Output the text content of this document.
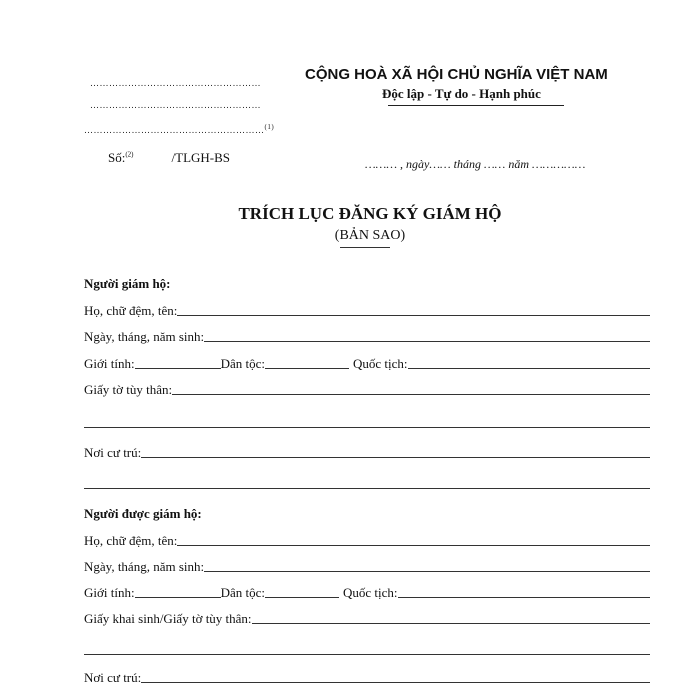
………………………………………………
………………………………………………
…………………………………………………$^{(1)}$
Số:$^{(2)}$	/TLGH-BS
CỘNG HOÀ XÃ HỘI CHỦ NGHĨA VIỆT NAM
Độc lập - Tự do - Hạnh phúc
……… , ngày…… tháng …… năm ……………
TRÍCH LỤC ĐĂNG KÝ GIÁM HỘ
(BẢN SAO)
Người giám hộ:
Họ, chữ đệm, tên:
Ngày, tháng, năm sinh:
Giới tính:	Dân tộc:	Quốc tịch:
Giấy tờ tùy thân:
Nơi cư trú:
Người được giám hộ:
Họ, chữ đệm, tên:
Ngày, tháng, năm sinh:
Giới tính:	Dân tộc:	Quốc tịch:
Giấy khai sinh/Giấy tờ tùy thân:
Nơi cư trú:
